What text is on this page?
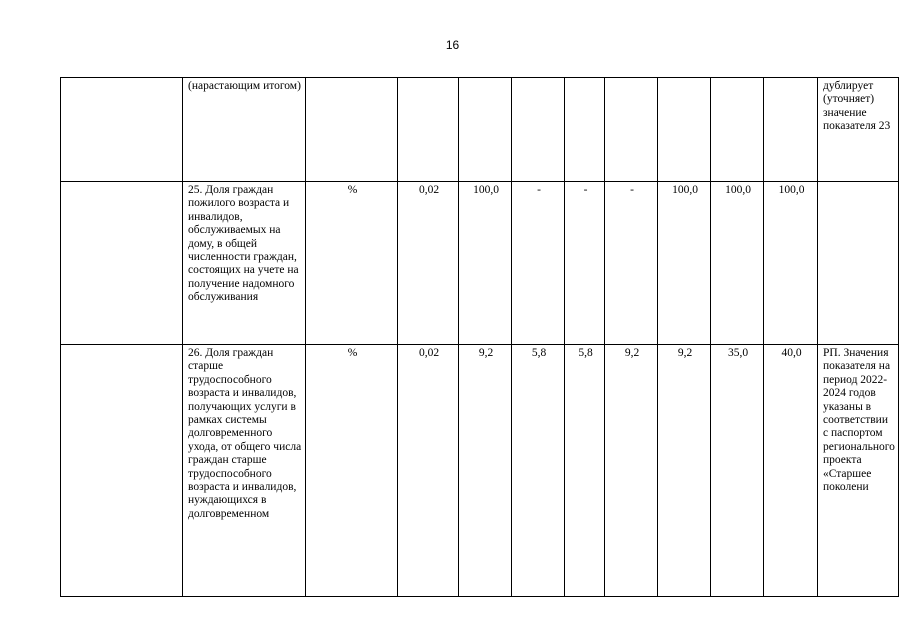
16
	(нарастающим итогом)										дублирует (уточняет) значение показателя 23
	25. Доля граждан пожилого возраста и инвалидов, обслуживаемых на дому, в общей численности граждан, состоящих на учете на получение надомного обслуживания	%	0,02	100,0	-	-	-	100,0	100,0	100,0	
	26. Доля граждан старше трудоспособного возраста и инвалидов, получающих услуги в рамках системы долговременного ухода, от общего числа граждан старше трудоспособного возраста и инвалидов, нуждающихся в долговременном	%	0,02	9,2	5,8	5,8	9,2	9,2	35,0	40,0	РП. Значения показателя на период 2022-2024 годов указаны в соответствии с паспортом регионального проекта «Старшее поколени
